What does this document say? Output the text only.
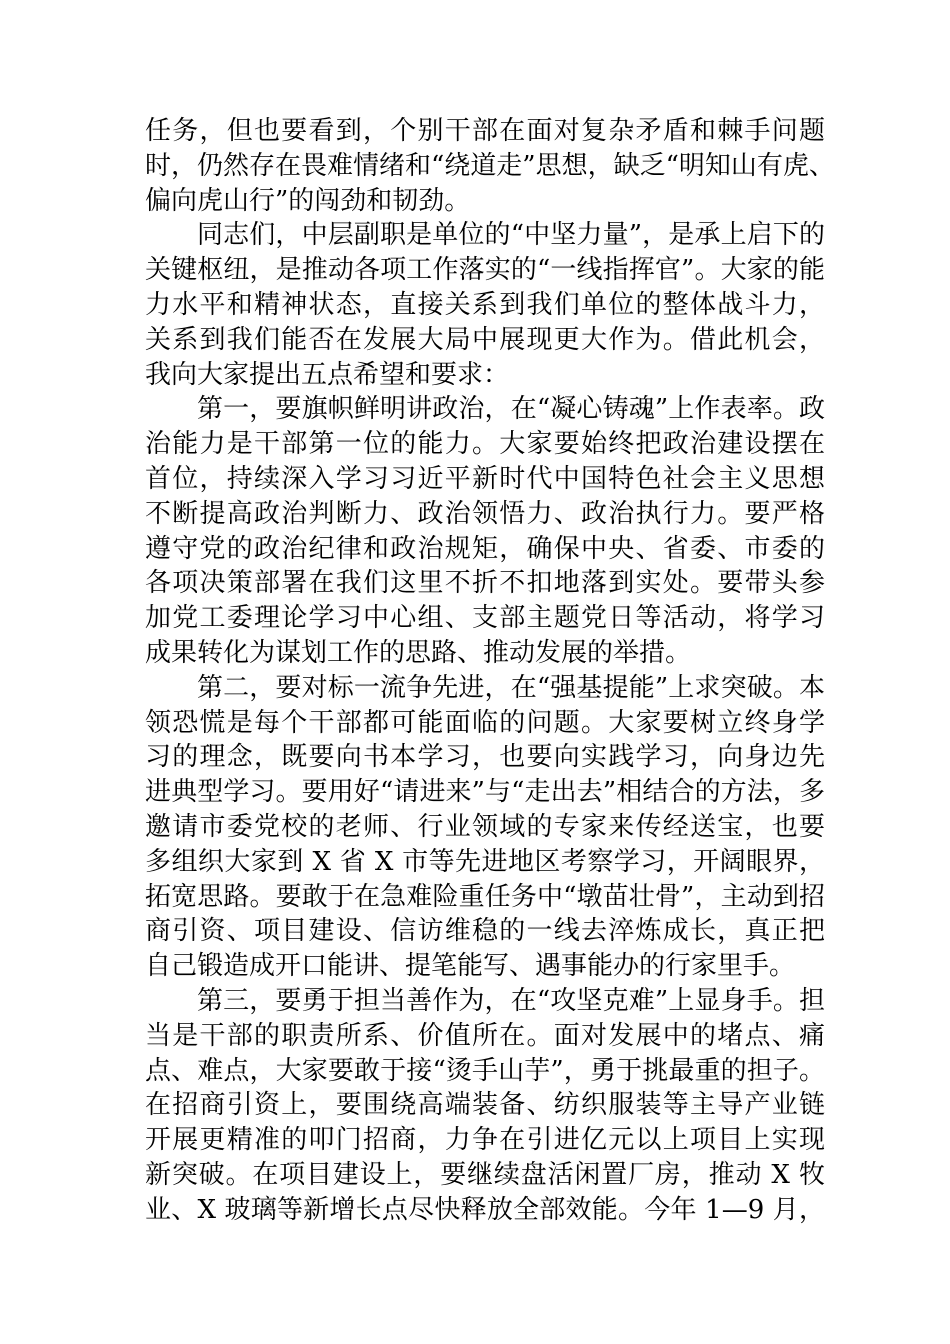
任务，但也要看到，个别干部在面对复杂矛盾和棘手问题
时，仍然存在畏难情绪和“绕道走”思想，缺乏“明知山有虎、
偏向虎山行”的闯劲和韧劲。
同志们，中层副职是单位的“中坚力量”，是承上启下的
关键枢纽，是推动各项工作落实的“一线指挥官”。大家的能
力水平和精神状态，直接关系到我们单位的整体战斗力，
关系到我们能否在发展大局中展现更大作为。借此机会，
我向大家提出五点希望和要求：
第一，要旗帜鲜明讲政治，在“凝心铸魂”上作表率。政
治能力是干部第一位的能力。大家要始终把政治建设摆在
首位，持续深入学习习近平新时代中国特色社会主义思想
不断提高政治判断力、政治领悟力、政治执行力。要严格
遵守党的政治纪律和政治规矩，确保中央、省委、市委的
各项决策部署在我们这里不折不扣地落到实处。要带头参
加党工委理论学习中心组、支部主题党日等活动，将学习
成果转化为谋划工作的思路、推动发展的举措。
第二，要对标一流争先进，在“强基提能”上求突破。本
领恐慌是每个干部都可能面临的问题。大家要树立终身学
习的理念，既要向书本学习，也要向实践学习，向身边先
进典型学习。要用好“请进来”与“走出去”相结合的方法，多
邀请市委党校的老师、行业领域的专家来传经送宝，也要
多组织大家到 X 省 X 市等先进地区考察学习，开阔眼界，
拓宽思路。要敢于在急难险重任务中“墩苗壮骨”，主动到招
商引资、项目建设、信访维稳的一线去淬炼成长，真正把
自己锻造成开口能讲、提笔能写、遇事能办的行家里手。
第三，要勇于担当善作为，在“攻坚克难”上显身手。担
当是干部的职责所系、价值所在。面对发展中的堵点、痛
点、难点，大家要敢于接“烫手山芋”，勇于挑最重的担子。
在招商引资上，要围绕高端装备、纺织服装等主导产业链
开展更精准的叩门招商，力争在引进亿元以上项目上实现
新突破。在项目建设上，要继续盘活闲置厂房，推动 X 牧
业、X 玻璃等新增长点尽快释放全部效能。今年 1—9 月，
